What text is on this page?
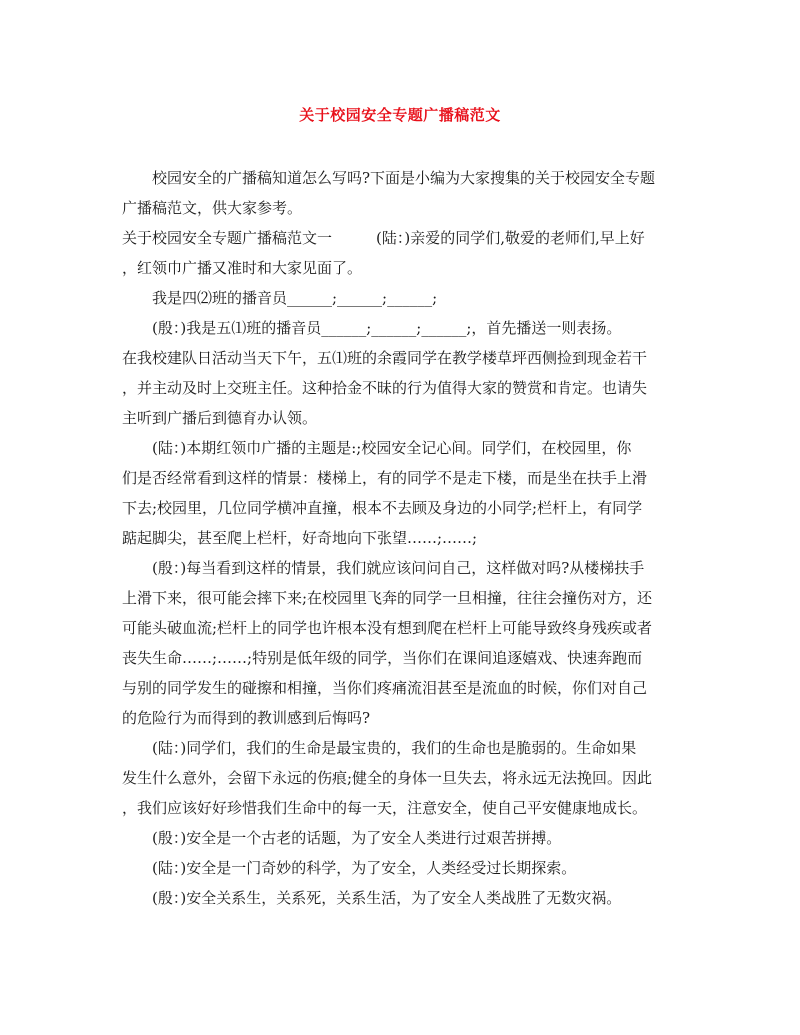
关于校园安全专题广播稿范文
校园安全的广播稿知道怎么写吗?下面是小编为大家搜集的关于校园安全专题
广播稿范文，供大家参考。
关于校园安全专题广播稿范文一	(陆：)亲爱的同学们,敬爱的老师们,早上好
，红领巾广播又准时和大家见面了。
我是四⑵班的播音员______;______;______;
(殷：)我是五⑴班的播音员______;______;______;，首先播送一则表扬。
在我校建队日活动当天下午，五⑴班的余霞同学在教学楼草坪西侧捡到现金若干
，并主动及时上交班主任。这种拾金不昧的行为值得大家的赞赏和肯定。也请失
主听到广播后到德育办认领。
(陆：)本期红领巾广播的主题是:;校园安全记心间。同学们，在校园里，你
们是否经常看到这样的情景：楼梯上，有的同学不是走下楼，而是坐在扶手上滑
下去;校园里，几位同学横冲直撞，根本不去顾及身边的小同学;栏杆上，有同学
踮起脚尖，甚至爬上栏杆，好奇地向下张望……;……;
(殷：)每当看到这样的情景，我们就应该问问自己，这样做对吗?从楼梯扶手
上滑下来，很可能会摔下来;在校园里飞奔的同学一旦相撞，往往会撞伤对方，还
可能头破血流;栏杆上的同学也许根本没有想到爬在栏杆上可能导致终身残疾或者
丧失生命……;……;特别是低年级的同学，当你们在课间追逐嬉戏、快速奔跑而
与别的同学发生的碰擦和相撞，当你们疼痛流泪甚至是流血的时候，你们对自己
的危险行为而得到的教训感到后悔吗?
(陆：)同学们，我们的生命是最宝贵的，我们的生命也是脆弱的。生命如果
发生什么意外，会留下永远的伤痕;健全的身体一旦失去，将永远无法挽回。因此
，我们应该好好珍惜我们生命中的每一天，注意安全，使自己平安健康地成长。
(殷：)安全是一个古老的话题，为了安全人类进行过艰苦拼搏。
(陆：)安全是一门奇妙的科学，为了安全，人类经受过长期探索。
(殷：)安全关系生，关系死，关系生活，为了安全人类战胜了无数灾祸。
